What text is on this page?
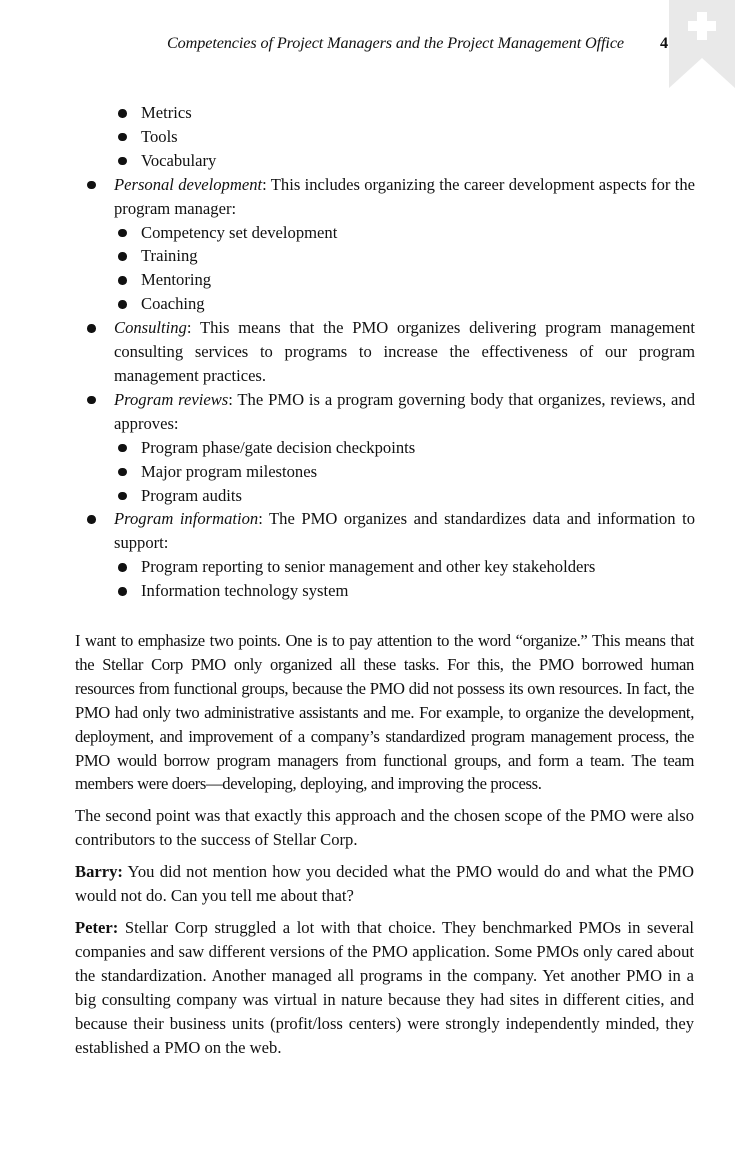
Competencies of Project Managers and the Project Management Office 4
Metrics
Tools
Vocabulary
Personal development: This includes organizing the career development aspects for the program manager:
Competency set development
Training
Mentoring
Coaching
Consulting: This means that the PMO organizes delivering program management consulting services to programs to increase the effectiveness of our program management practices.
Program reviews: The PMO is a program governing body that organizes, reviews, and approves:
Program phase/gate decision checkpoints
Major program milestones
Program audits
Program information: The PMO organizes and standardizes data and information to support:
Program reporting to senior management and other key stakeholders
Information technology system

I want to emphasize two points. One is to pay attention to the word “organize.” This means that the Stellar Corp PMO only organized all these tasks. For this, the PMO borrowed human resources from functional groups, because the PMO did not possess its own resources. In fact, the PMO had only two administrative assistants and me. For example, to organize the development, deployment, and improvement of a company’s standardized program management process, the PMO would borrow program managers from functional groups, and form a team. The team members were doers—developing, deploying, and improving the process.

The second point was that exactly this approach and the chosen scope of the PMO were also contributors to the success of Stellar Corp.

Barry: You did not mention how you decided what the PMO would do and what the PMO would not do. Can you tell me about that?

Peter: Stellar Corp struggled a lot with that choice. They benchmarked PMOs in several companies and saw different versions of the PMO application. Some PMOs only cared about the standardization. Another managed all programs in the company. Yet another PMO in a big consulting company was virtual in nature because they had sites in different cities, and because their business units (profit/loss centers) were strongly independently minded, they established a PMO on the web.
